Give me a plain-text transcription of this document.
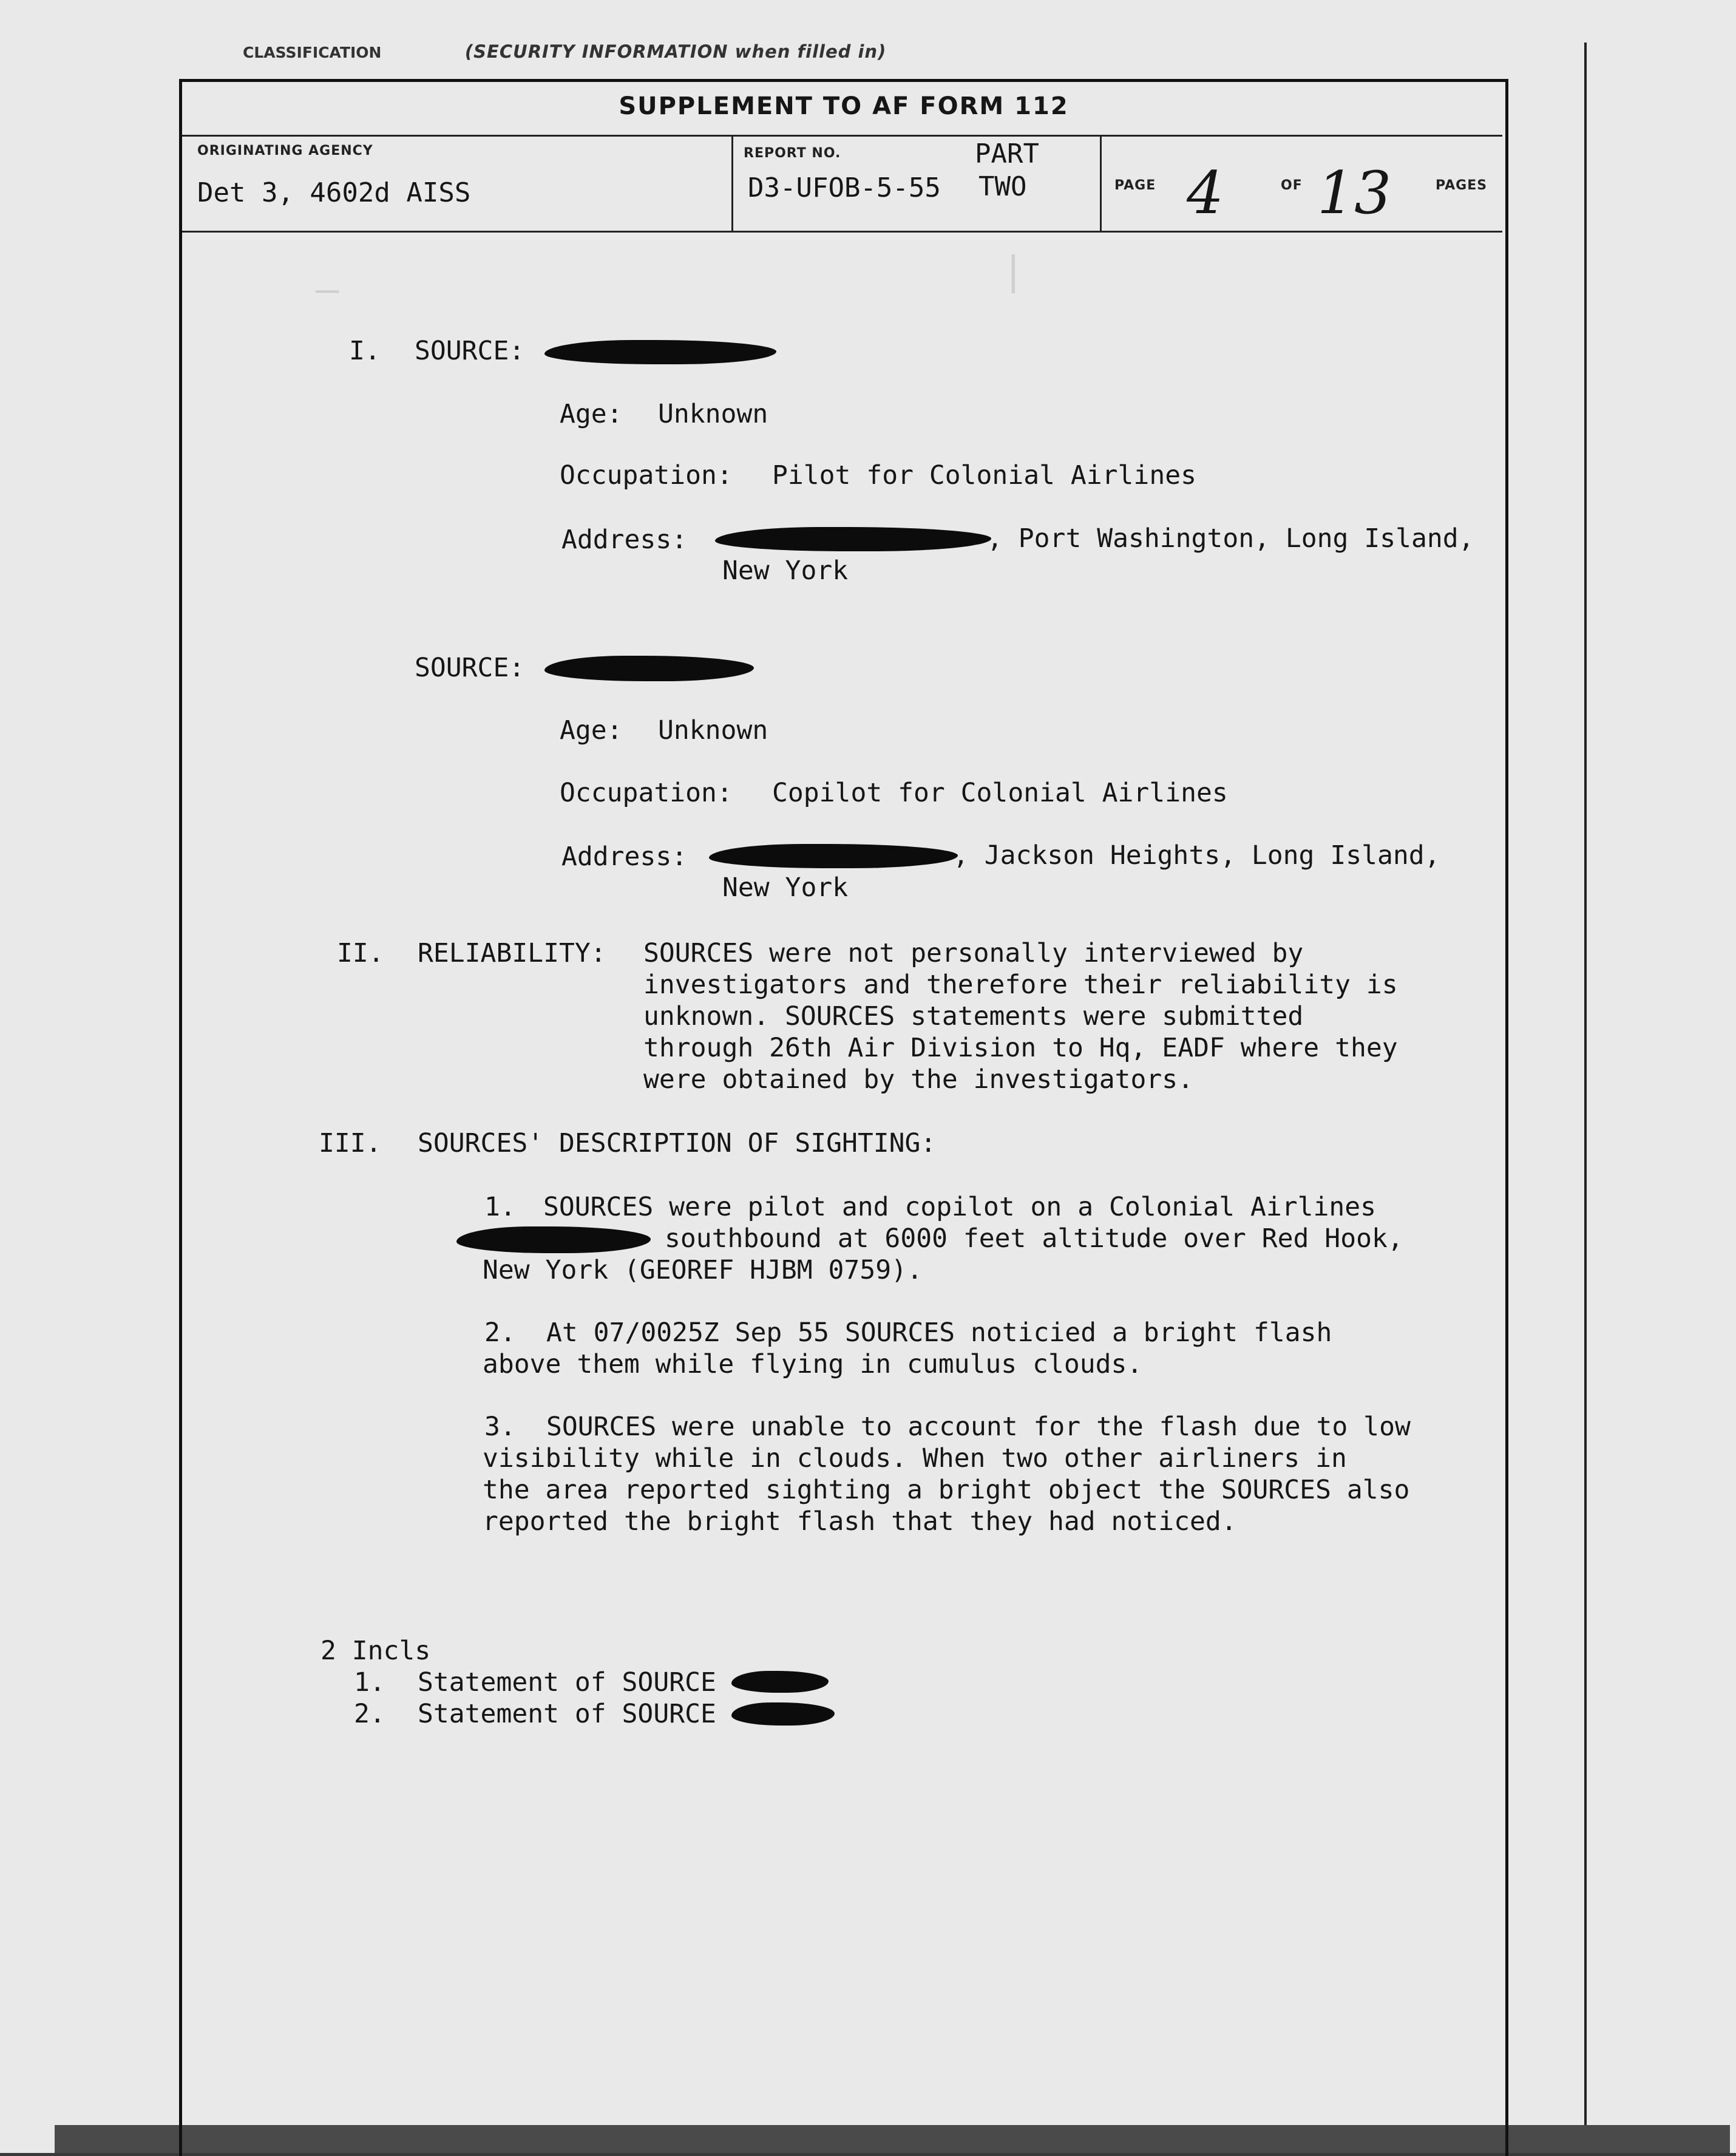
—	|
CLASSIFICATION	(SECURITY INFORMATION when filled in)
SUPPLEMENT TO AF FORM 112
ORIGINATING AGENCY
Det 3, 4602d AISS
REPORT NO.
D3-UFOB-5-55
PART
TWO	PAGE 4	OF 13	PAGES
I. SOURCE:
Age: Unknown
Occupation: Pilot for Colonial Airlines
Address:	, Port Washington, Long Island,
New York
SOURCE:
Age: Unknown
Occupation: Copilot for Colonial Airlines
Address:	, Jackson Heights, Long Island,
New York
II. RELIABILITY: SOURCES were not personally interviewed by
investigators and therefore their reliability is
unknown. SOURCES statements were submitted
through 26th Air Division to Hq, EADF where they
were obtained by the investigators.
III. SOURCES' DESCRIPTION OF SIGHTING:
1. SOURCES were pilot and copilot on a Colonial Airlines
southbound at 6000 feet altitude over Red Hook,
New York (GEOREF HJBM 0759).
2. At 07/0025Z Sep 55 SOURCES noticied a bright flash
above them while flying in cumulus clouds.
3. SOURCES were unable to account for the flash due to low
visibility while in clouds. When two other airliners in
the area reported sighting a bright object the SOURCES also
reported the bright flash that they had noticed.
2 Incls
1. Statement of SOURCE
2. Statement of SOURCE
